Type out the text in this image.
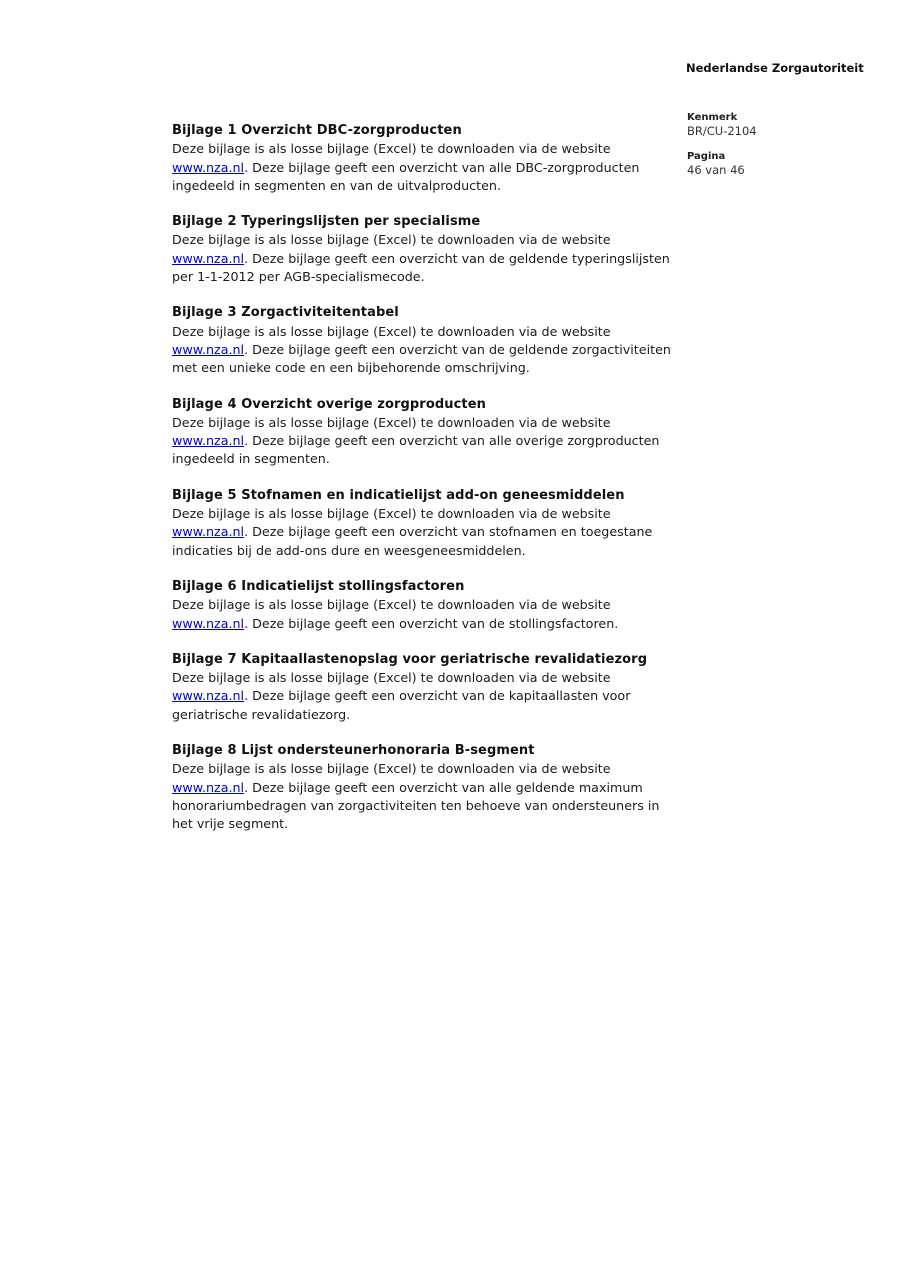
Nederlandse Zorgautoriteit
Kenmerk
BR/CU-2104
Pagina
46 van 46
Bijlage 1 Overzicht DBC-zorgproducten

Deze bijlage is als losse bijlage (Excel) te downloaden via de website www.nza.nl. Deze bijlage geeft een overzicht van alle DBC-zorgproducten ingedeeld in segmenten en van de uitvalproducten.

Bijlage 2 Typeringslijsten per specialisme

Deze bijlage is als losse bijlage (Excel) te downloaden via de website www.nza.nl. Deze bijlage geeft een overzicht van de geldende typeringslijsten per 1-1-2012 per AGB-specialismecode.

Bijlage 3 Zorgactiviteitentabel

Deze bijlage is als losse bijlage (Excel) te downloaden via de website www.nza.nl. Deze bijlage geeft een overzicht van de geldende zorgactiviteiten met een unieke code en een bijbehorende omschrijving.

Bijlage 4 Overzicht overige zorgproducten

Deze bijlage is als losse bijlage (Excel) te downloaden via de website www.nza.nl. Deze bijlage geeft een overzicht van alle overige zorgproducten ingedeeld in segmenten.

Bijlage 5 Stofnamen en indicatielijst add-on geneesmiddelen

Deze bijlage is als losse bijlage (Excel) te downloaden via de website www.nza.nl. Deze bijlage geeft een overzicht van stofnamen en toegestane indicaties bij de add-ons dure en weesgeneesmiddelen.

Bijlage 6 Indicatielijst stollingsfactoren

Deze bijlage is als losse bijlage (Excel) te downloaden via de website www.nza.nl. Deze bijlage geeft een overzicht van de stollingsfactoren.

Bijlage 7 Kapitaallastenopslag voor geriatrische revalidatiezorg

Deze bijlage is als losse bijlage (Excel) te downloaden via de website www.nza.nl. Deze bijlage geeft een overzicht van de kapitaallasten voor geriatrische revalidatiezorg.

Bijlage 8 Lijst ondersteunerhonoraria B-segment

Deze bijlage is als losse bijlage (Excel) te downloaden via de website www.nza.nl. Deze bijlage geeft een overzicht van alle geldende maximum honorariumbedragen van zorgactiviteiten ten behoeve van ondersteuners in het vrije segment.
